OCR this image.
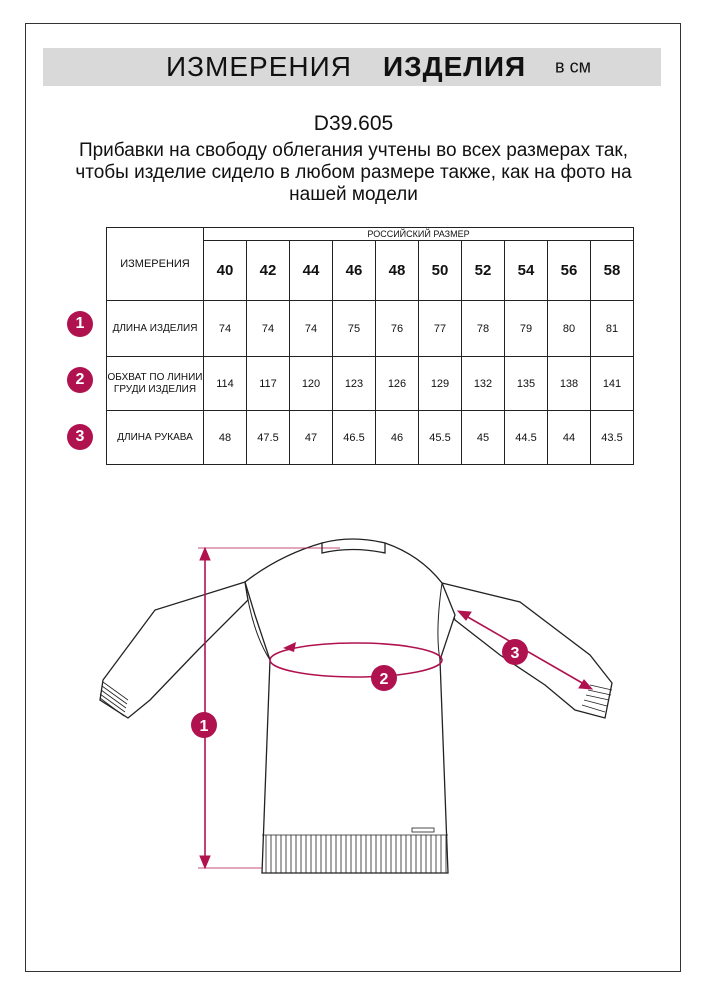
ИЗМЕРЕНИЯ ИЗДЕЛИЯ в см
D39.605
Прибавки на свободу облегания учтены во всех размерах так, чтобы изделие сидело в любом размере также, как на фото на нашей модели
ИЗМЕРЕНИЯ	РОССИЙСКИЙ РАЗМЕР									
	40	42	44	46	48	50	52	54	56	58
ДЛИНА ИЗДЕЛИЯ	74	74	74	75	76	77	78	79	80	81
ОБХВАТ ПО ЛИНИИ ГРУДИ ИЗДЕЛИЯ	114	117	120	123	126	129	132	135	138	141
ДЛИНА РУКАВА	48	47.5	47	46.5	46	45.5	45	44.5	44	43.5
1
2
3
1
2
3
